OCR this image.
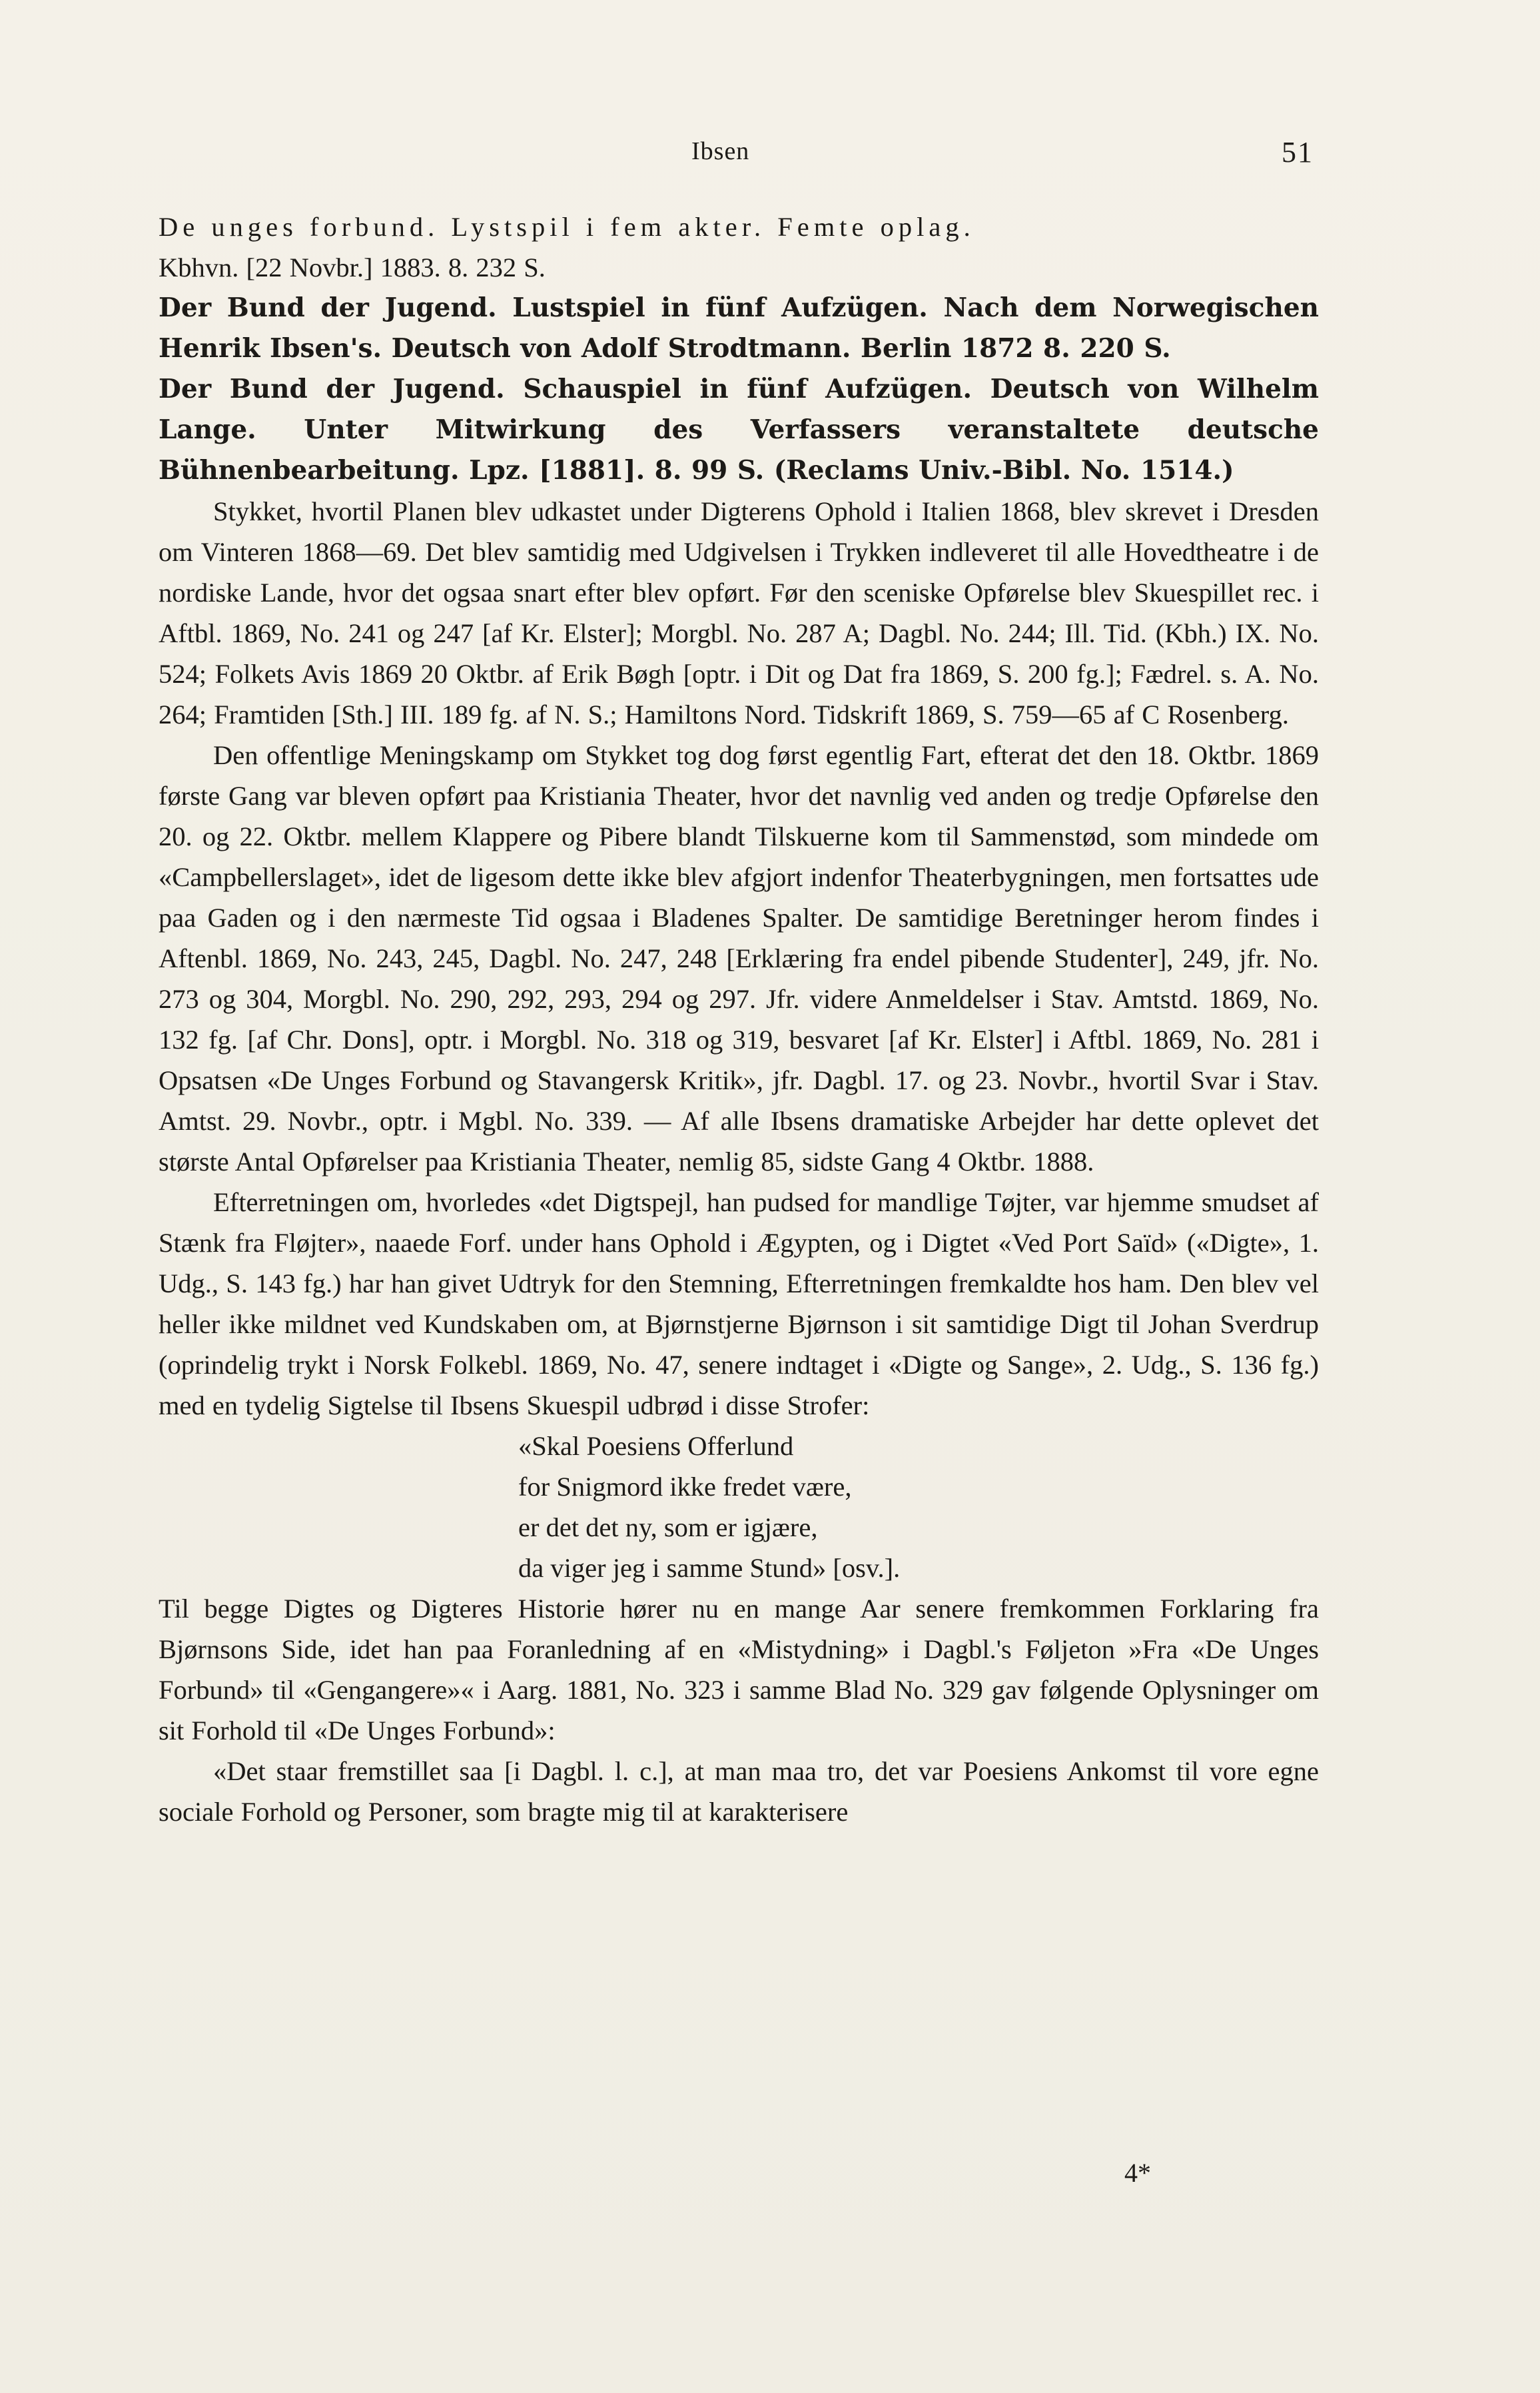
Ibsen	51

De unges forbund. Lystspil i fem akter. Femte oplag.

Kbhvn. [22 Novbr.] 1883. 8. 232 S.

Der Bund der Jugend. Lustspiel in fünf Aufzügen. Nach dem Norwegischen Henrik Ibsen's. Deutsch von Adolf Strodtmann. Berlin 1872 8. 220 S.

Der Bund der Jugend. Schauspiel in fünf Aufzügen. Deutsch von Wilhelm Lange. Unter Mitwirkung des Verfassers veranstaltete deutsche Bühnenbearbeitung. Lpz. [1881]. 8. 99 S. (Reclams Univ.-Bibl. No. 1514.)

Stykket, hvortil Planen blev udkastet under Digterens Ophold i Italien 1868, blev skrevet i Dresden om Vinteren 1868—69. Det blev samtidig med Udgivelsen i Trykken indleveret til alle Hovedtheatre i de nordiske Lande, hvor det ogsaa snart efter blev opført. Før den sceniske Opførelse blev Skuespillet rec. i Aftbl. 1869, No. 241 og 247 [af Kr. Elster]; Morgbl. No. 287 A; Dagbl. No. 244; Ill. Tid. (Kbh.) IX. No. 524; Folkets Avis 1869 20 Oktbr. af Erik Bøgh [optr. i Dit og Dat fra 1869, S. 200 fg.]; Fædrel. s. A. No. 264; Framtiden [Sth.] III. 189 fg. af N. S.; Hamiltons Nord. Tidskrift 1869, S. 759—65 af C Rosenberg.

Den offentlige Meningskamp om Stykket tog dog først egentlig Fart, efterat det den 18. Oktbr. 1869 første Gang var bleven opført paa Kristiania Theater, hvor det navnlig ved anden og tredje Opførelse den 20. og 22. Oktbr. mellem Klappere og Pibere blandt Tilskuerne kom til Sammenstød, som mindede om «Campbellerslaget», idet de ligesom dette ikke blev afgjort indenfor Theaterbygningen, men fortsattes ude paa Gaden og i den nærmeste Tid ogsaa i Bladenes Spalter. De samtidige Beretninger herom findes i Aftenbl. 1869, No. 243, 245, Dagbl. No. 247, 248 [Erklæring fra endel pibende Studenter], 249, jfr. No. 273 og 304, Morgbl. No. 290, 292, 293, 294 og 297. Jfr. videre Anmeldelser i Stav. Amtstd. 1869, No. 132 fg. [af Chr. Dons], optr. i Morgbl. No. 318 og 319, besvaret [af Kr. Elster] i Aftbl. 1869, No. 281 i Opsatsen «De Unges Forbund og Stavangersk Kritik», jfr. Dagbl. 17. og 23. Novbr., hvortil Svar i Stav. Amtst. 29. Novbr., optr. i Mgbl. No. 339. — Af alle Ibsens dramatiske Arbejder har dette oplevet det største Antal Opførelser paa Kristiania Theater, nemlig 85, sidste Gang 4 Oktbr. 1888.

Efterretningen om, hvorledes «det Digtspejl, han pudsed for mandlige Tøjter, var hjemme smudset af Stænk fra Fløjter», naaede Forf. under hans Ophold i Ægypten, og i Digtet «Ved Port Saïd» («Digte», 1. Udg., S. 143 fg.) har han givet Udtryk for den Stemning, Efterretningen fremkaldte hos ham. Den blev vel heller ikke mildnet ved Kundskaben om, at Bjørnstjerne Bjørnson i sit samtidige Digt til Johan Sverdrup (oprindelig trykt i Norsk Folkebl. 1869, No. 47, senere indtaget i «Digte og Sange», 2. Udg., S. 136 fg.) med en tydelig Sigtelse til Ibsens Skuespil udbrød i disse Strofer:

«Skal Poesiens Offerlund

for Snigmord ikke fredet være,

er det det ny, som er igjære,

da viger jeg i samme Stund» [osv.].

Til begge Digtes og Digteres Historie hører nu en mange Aar senere fremkommen Forklaring fra Bjørnsons Side, idet han paa Foranledning af en «Mistydning» i Dagbl.'s Føljeton »Fra «De Unges Forbund» til «Gengangere»« i Aarg. 1881, No. 323 i samme Blad No. 329 gav følgende Oplysninger om sit Forhold til «De Unges Forbund»:

«Det staar fremstillet saa [i Dagbl. l. c.], at man maa tro, det var Poesiens Ankomst til vore egne sociale Forhold og Personer, som bragte mig til at karakterisere

4*
